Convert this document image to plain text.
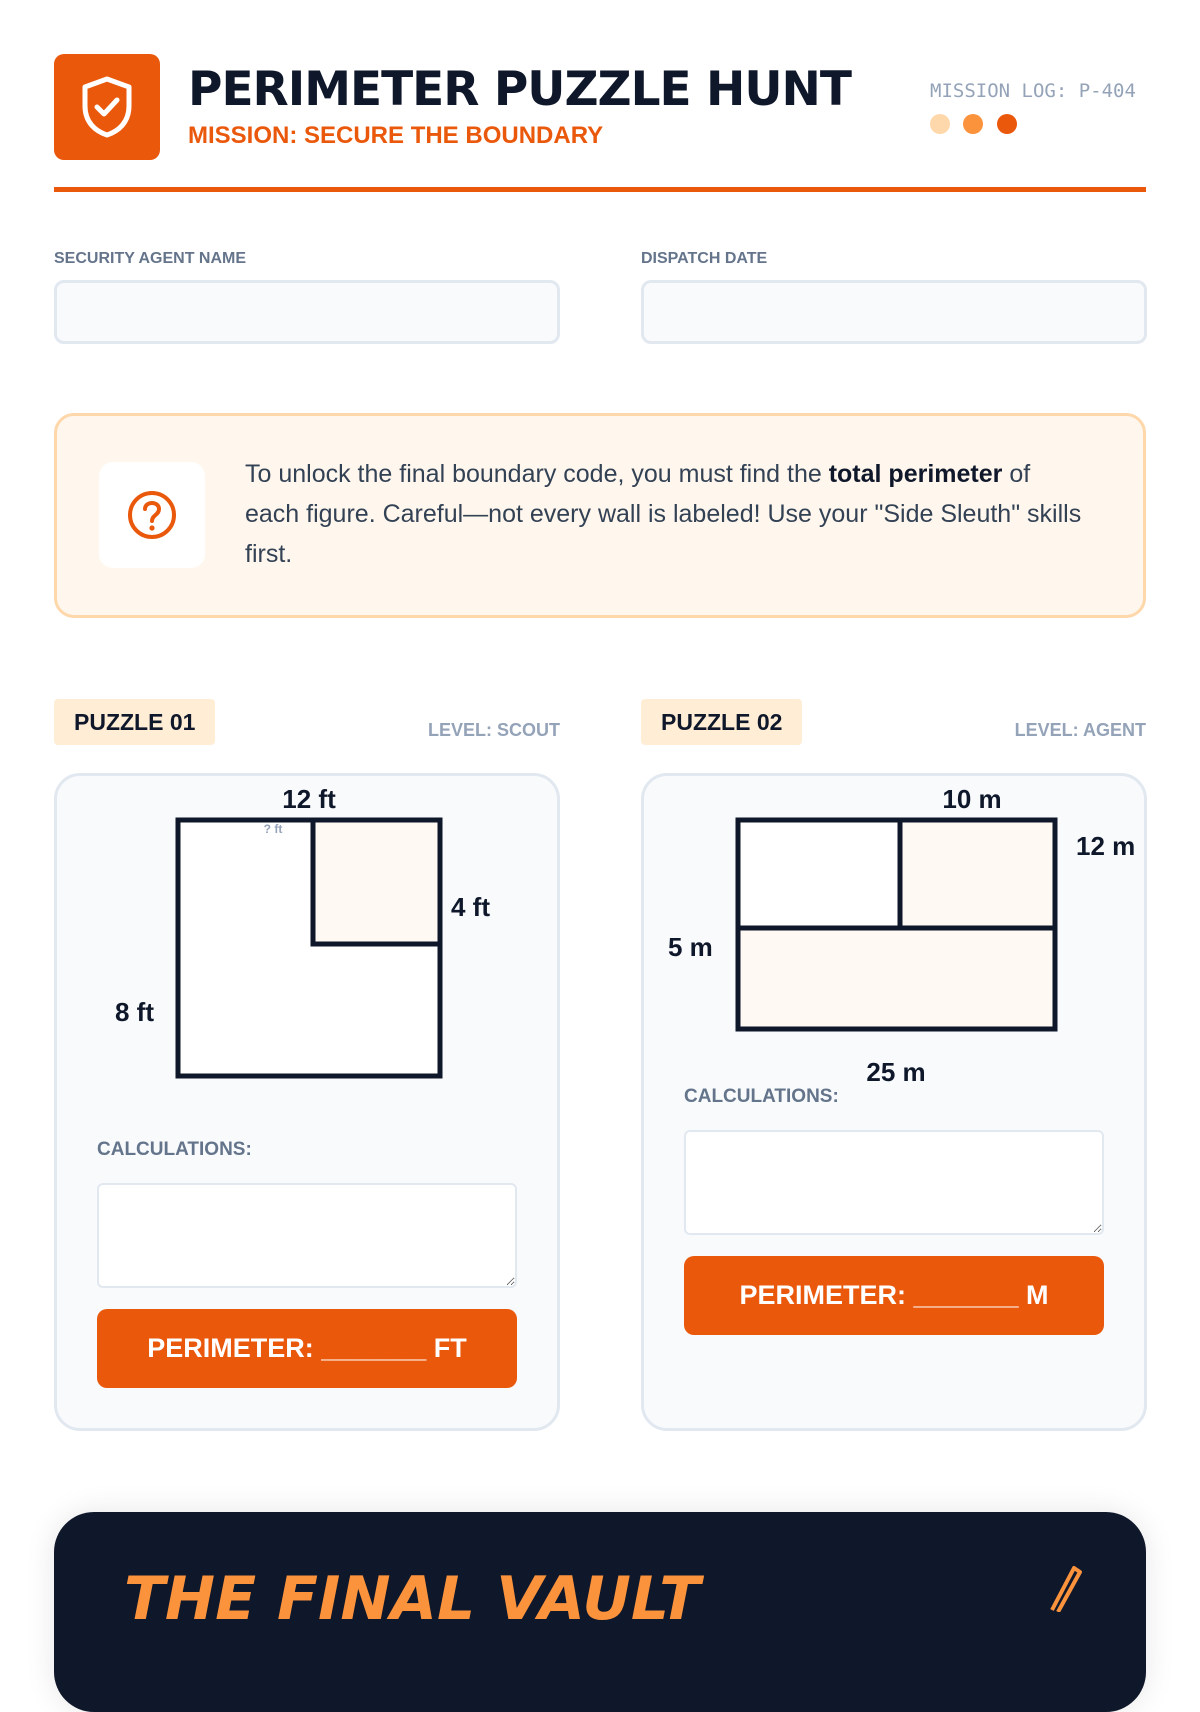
PERIMETER PUZZLE HUNT
MISSION: SECURE THE BOUNDARY
MISSION LOG: P-404
SECURITY AGENT NAME	DISPATCH DATE
To unlock the final boundary code, you must find the total perimeter of each figure. Careful—not every wall is labeled! Use your "Side Sleuth" skills first.
PUZZLE 01	LEVEL: SCOUT
12 ft
? ft
4 ft
8 ft
CALCULATIONS:
PERIMETER: _______ FT
PUZZLE 02	LEVEL: AGENT
10 m
12 m
5 m
25 m
CALCULATIONS:
PERIMETER: _______ M
THE FINAL VAULT
